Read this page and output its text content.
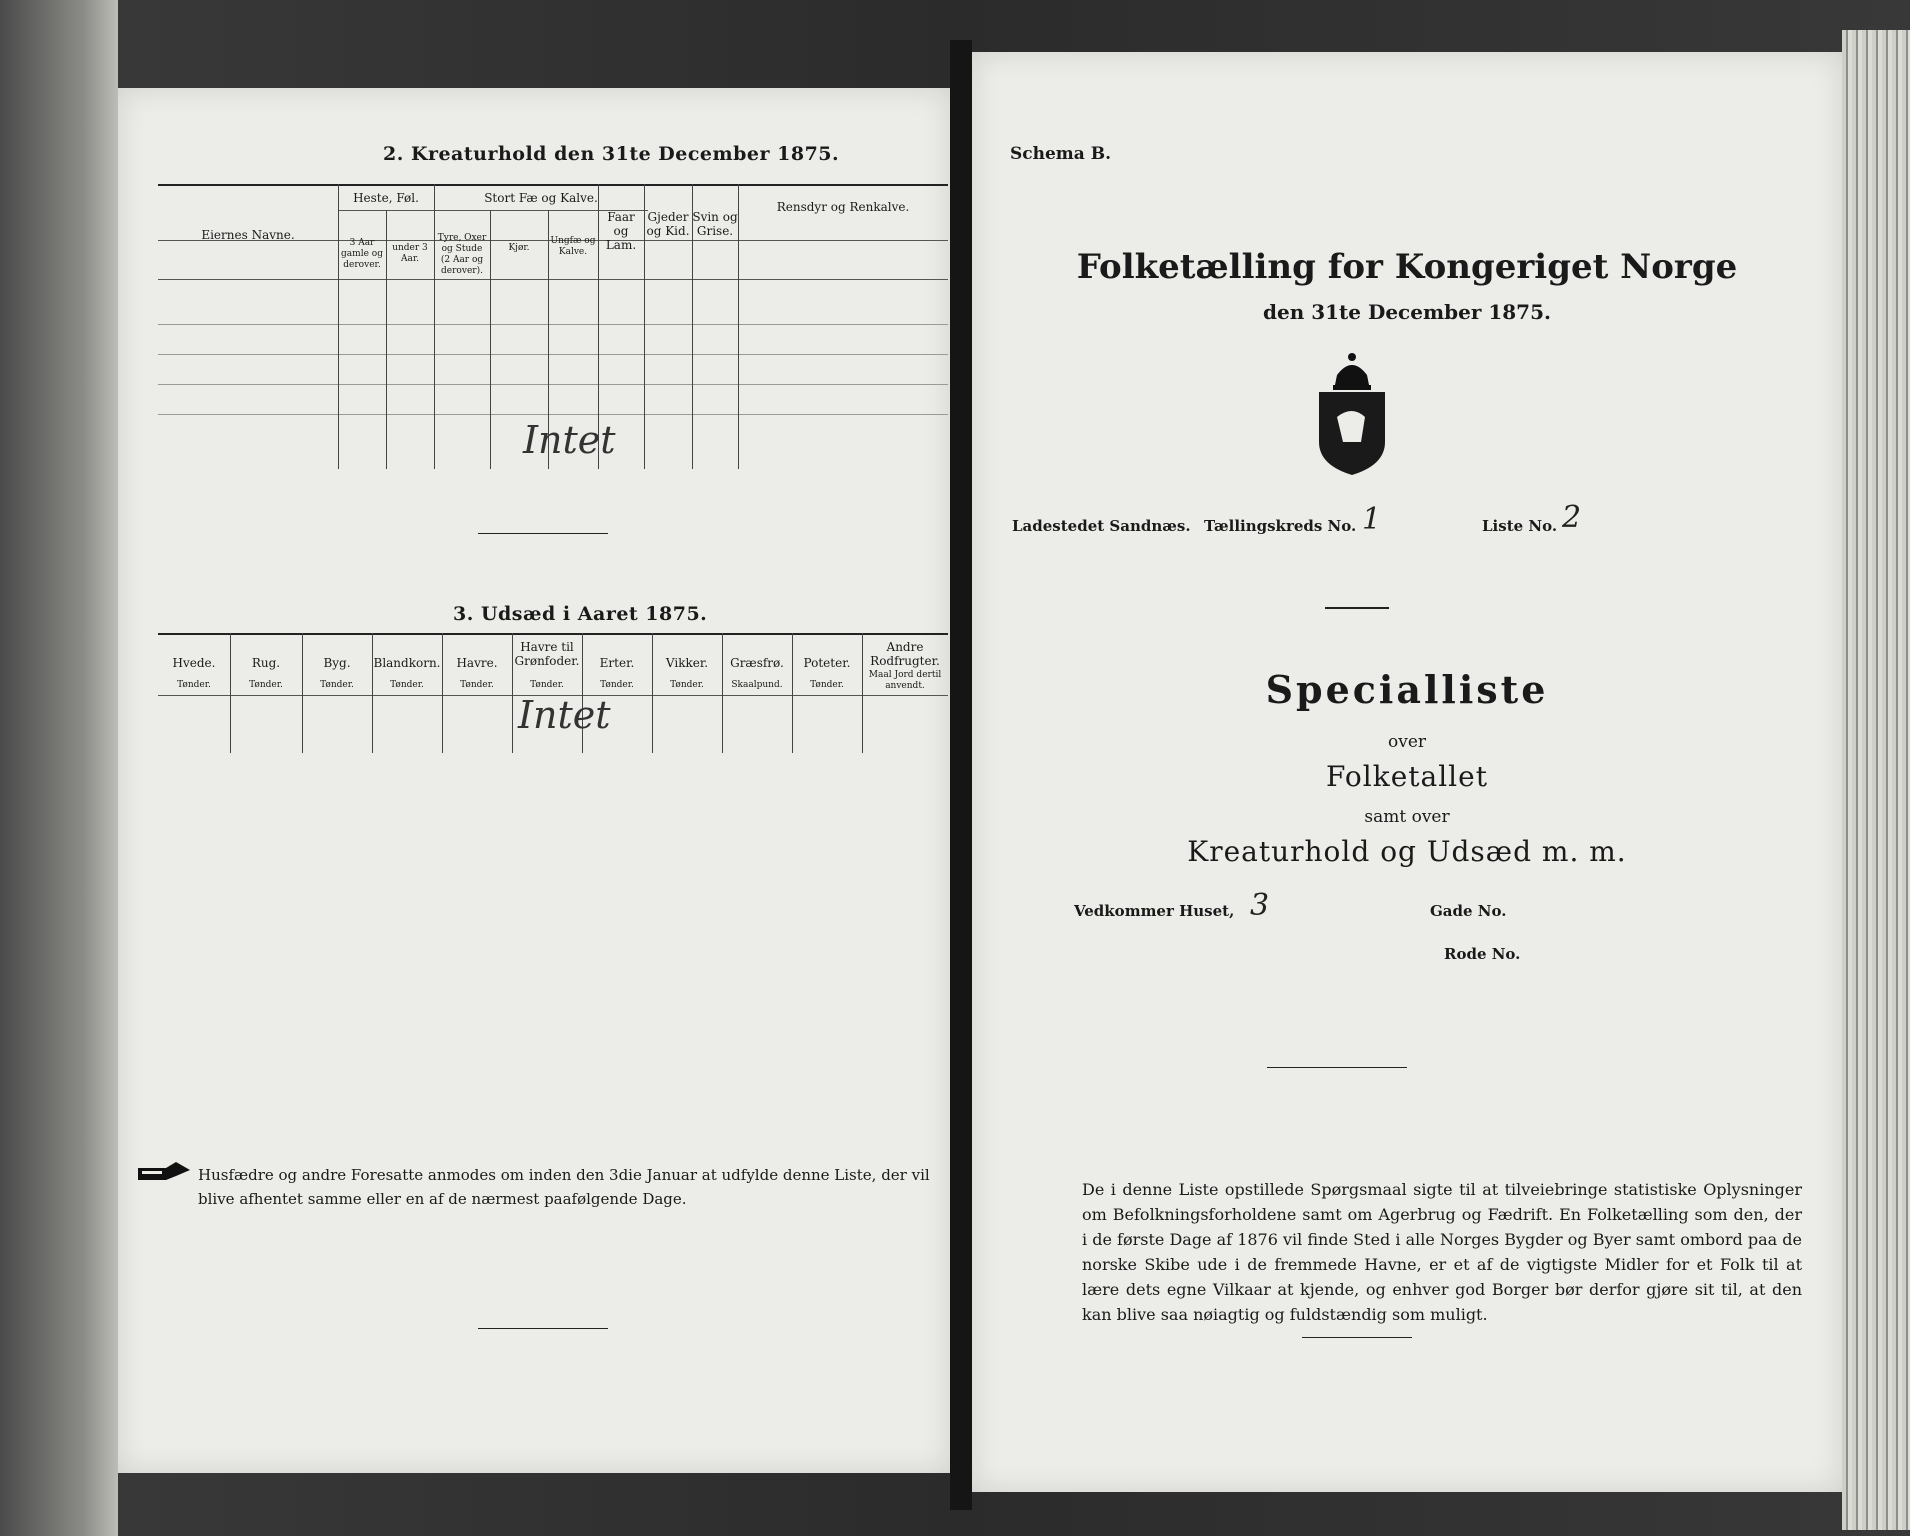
2. Kreaturhold den 31te December 1875.
Eiernes Navne.
Heste, Føl.
3 Aar gamle og derover.
under 3 Aar.
Stort Fæ og Kalve.
Tyre, Oxer og Stude (2 Aar og derover).
Kjør.
Ungfæ og Kalve.
Faar og Lam.
Gjeder og Kid.
Svin og Grise.
Rensdyr og Renkalve.
Intet
3. Udsæd i Aaret 1875.
Hvede.
Tønder.
Rug.
Tønder.
Byg.
Tønder.
Blandkorn.
Tønder.
Havre.
Tønder.
Havre til Grønfoder.
Tønder.
Erter.
Tønder.
Vikker.
Tønder.
Græsfrø.
Skaalpund.
Poteter.
Tønder.
Andre Rodfrugter.
Maal Jord dertil anvendt.
Intet
Husfædre og andre Foresatte anmodes om inden den 3die Januar at udfylde denne Liste, der vil blive afhentet samme eller en af de nærmest paafølgende Dage.
Schema B.
Folketælling for Kongeriget Norge
den 31te December 1875.
Ladestedet Sandnæs. Tællingskreds No. 1	Liste No. 2
Specialliste
over
Folketallet
samt over
Kreaturhold og Udsæd m. m.
Vedkommer Huset, 3	Gade No.
Rode No.
De i denne Liste opstillede Spørgsmaal sigte til at tilveiebringe statistiske Oplysninger om Befolkningsforholdene samt om Agerbrug og Fædrift. En Folketælling som den, der i de første Dage af 1876 vil finde Sted i alle Norges Bygder og Byer samt ombord paa de norske Skibe ude i de fremmede Havne, er et af de vigtigste Midler for et Folk til at lære dets egne Vilkaar at kjende, og enhver god Borger bør derfor gjøre sit til, at den kan blive saa nøiagtig og fuldstændig som muligt.
